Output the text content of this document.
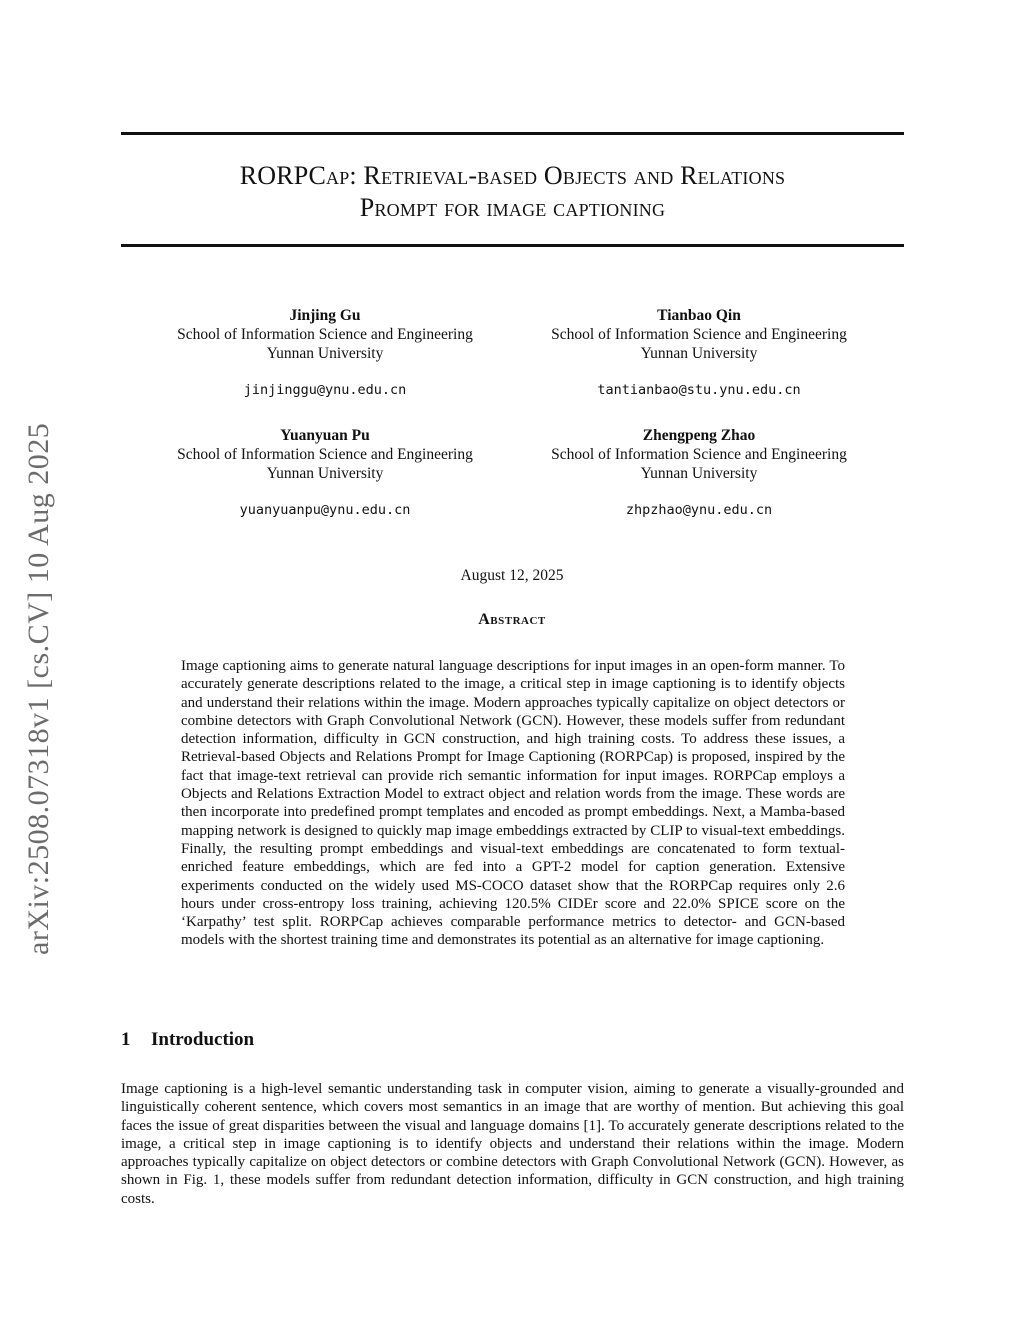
arXiv:2508.07318v1 [cs.CV] 10 Aug 2025
RORPCap: Retrieval-based Objects and Relations
Prompt for image captioning
Jinjing Gu
School of Information Science and Engineering
Yunnan University
jinjinggu@ynu.edu.cn
Tianbao Qin
School of Information Science and Engineering
Yunnan University
tantianbao@stu.ynu.edu.cn
Yuanyuan Pu
School of Information Science and Engineering
Yunnan University
yuanyuanpu@ynu.edu.cn
Zhengpeng Zhao
School of Information Science and Engineering
Yunnan University
zhpzhao@ynu.edu.cn
August 12, 2025
Abstract

Image captioning aims to generate natural language descriptions for input images in an open-form manner. To accurately generate descriptions related to the image, a critical step in image captioning is to identify objects and understand their relations within the image. Modern approaches typically capitalize on object detectors or combine detectors with Graph Convolutional Network (GCN). However, these models suffer from redundant detection information, difficulty in GCN construction, and high training costs. To address these issues, a Retrieval-based Objects and Relations Prompt for Image Captioning (RORPCap) is proposed, inspired by the fact that image-text retrieval can provide rich semantic information for input images. RORPCap employs a Objects and Relations Extraction Model to extract object and relation words from the image. These words are then incorporate into predefined prompt templates and encoded as prompt embeddings. Next, a Mamba-based mapping network is designed to quickly map image embeddings extracted by CLIP to visual-text embeddings. Finally, the resulting prompt embeddings and visual-text embeddings are concatenated to form textual-enriched feature embeddings, which are fed into a GPT-2 model for caption generation. Extensive experiments conducted on the widely used MS-COCO dataset show that the RORPCap requires only 2.6 hours under cross-entropy loss training, achieving 120.5% CIDEr score and 22.0% SPICE score on the ‘Karpathy’ test split. RORPCap achieves comparable performance metrics to detector- and GCN-based models with the shortest training time and demonstrates its potential as an alternative for image captioning.

1 Introduction

Image captioning is a high-level semantic understanding task in computer vision, aiming to generate a visually-grounded and linguistically coherent sentence, which covers most semantics in an image that are worthy of mention. But achieving this goal faces the issue of great disparities between the visual and language domains [1]. To accurately generate descriptions related to the image, a critical step in image captioning is to identify objects and understand their relations within the image. Modern approaches typically capitalize on object detectors or combine detectors with Graph Convolutional Network (GCN). However, as shown in Fig. 1, these models suffer from redundant detection information, difficulty in GCN construction, and high training costs.
